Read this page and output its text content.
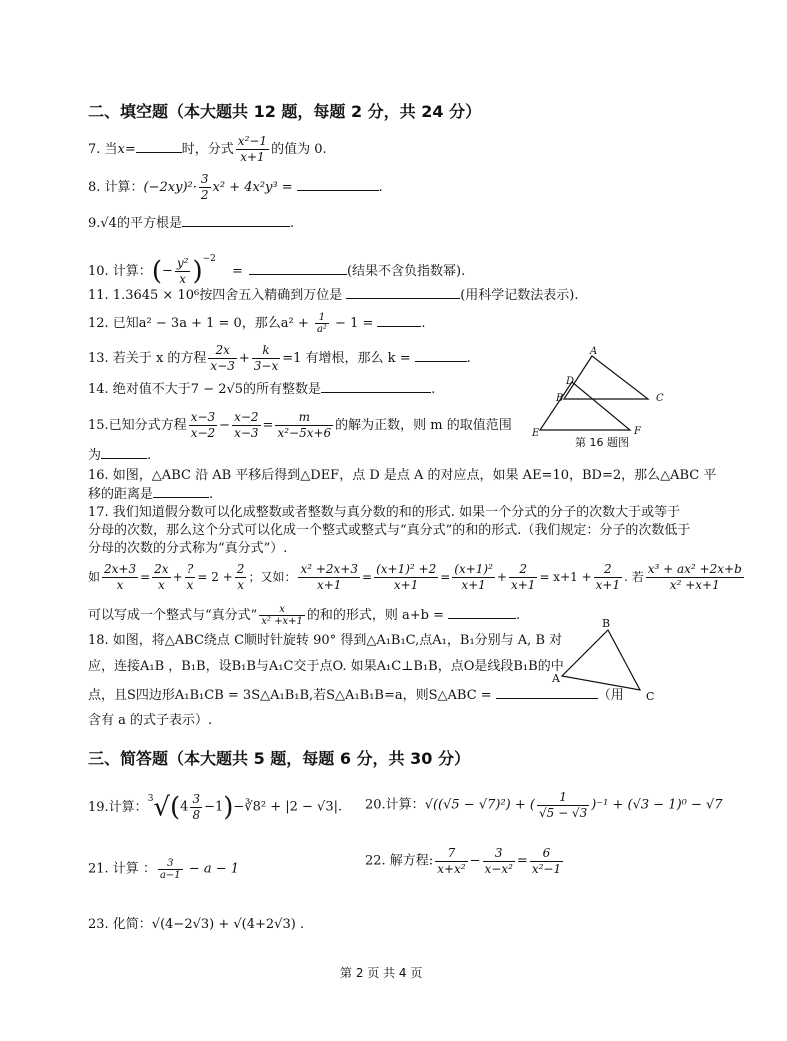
二、填空题（本大题共 12 题，每题 2 分，共 24 分）
7. 当x=	时，分式 $\frac{\text{x²−1}}{x+1}$ 的值为 0.
8. 计算：$(-2xy)^2\cdot \frac{3}{2} x^2 + 4x^2y^3$ =	.
9.√4的平方根是	.
10. 计算：(− $\frac{\text{y²}}{x} )^{-2}$ =	(结果不含负指数幂).
11. 1.3645 × 10⁶按四舍五入精确到万位是	(用科学记数法表示).
12. 已知a² − 3a + 1 = 0，那么$a^2 + \frac{1}{\text{a²}} - 1$ =	.
13. 若关于 x 的方程 $\frac{2x}{x-3} + \frac{k}{3-x} =1$ 有增根，那么 k =	.
14. 绝对值不大于7 − 2√5的所有整数是	.
15.已知分式方程 $\frac{x-3}{x-2} - \frac{x-2}{x-3} = \frac{m}{\text{x²−5x+6}}$ 的解为正数，则 m 的取值范围
为	.
A
D
B	C
E	F
第 16 题图
16. 如图，△ABC 沿 AB 平移后得到△DEF，点 D 是点 A 的对应点，如果 AE=10，BD=2，那么△ABC 平
移的距离是	.
17. 我们知道假分数可以化成整数或者整数与真分数的和的形式. 如果一个分式的分子的次数大于或等于
分母的次数，那么这个分式可以化成一个整式或整式与“真分式”的和的形式.（我们规定：分子的次数低于
分母的次数的分式称为“真分式”）.
如 $\frac{2x+3}{x} = \frac{2x}{x} + \frac{?}{x} = 2 + \frac{2}{x}$ ；又如： $\frac{\text{x² +2x+3}}{x+1} = \frac{\text{(x+1)² +2}}{x+1} = \frac{\text{(x+1)²}}{x+1} + \frac{2}{x+1} = x+1 + \frac{2}{x+1}$ . 若 $\frac{\text{x³ + ax² +2x+b}}{\text{x² +x+1}}$
可以写成一个整式与“真分式” $\frac{x}{\text{x² +x+1}}$ 的和的形式，则 a+b =	.
18. 如图，将△ABC绕点 C顺时针旋转 90° 得到△A₁B₁C,点A₁，B₁分别与 A, B 对
应，连接A₁B ，B₁B，设B₁B与A₁C交于点O. 如果A₁C⊥B₁B，点O是线段B₁B的中
点，且S四边形A₁B₁CB = 3S△A₁B₁B,若S△A₁B₁B=a，则S△ABC =	（用
含有 a 的式子表示）.
B
A
C
三、简答题（本大题共 5 题，每题 6 分，共 30 分）
19.计算：$^3√(4 \frac{3}{8}$ −1)−∛8² + |2 − √3|. 20.计算：√((√5 − √7)²) + ( $\frac{1}{√5 - √3} )^{-1} + (√3 - 1)^0 - √7$
21. 计算 ： $\frac{3}{a-1} - a - 1$
22. 解方程: $\frac{7}{\text{x+x²}} - \frac{3}{\text{x−x²}} = \frac{6}{\text{x²−1}}$
23. 化简：√(4−2√3) + √(4+2√3) .
第 2 页 共 4 页
